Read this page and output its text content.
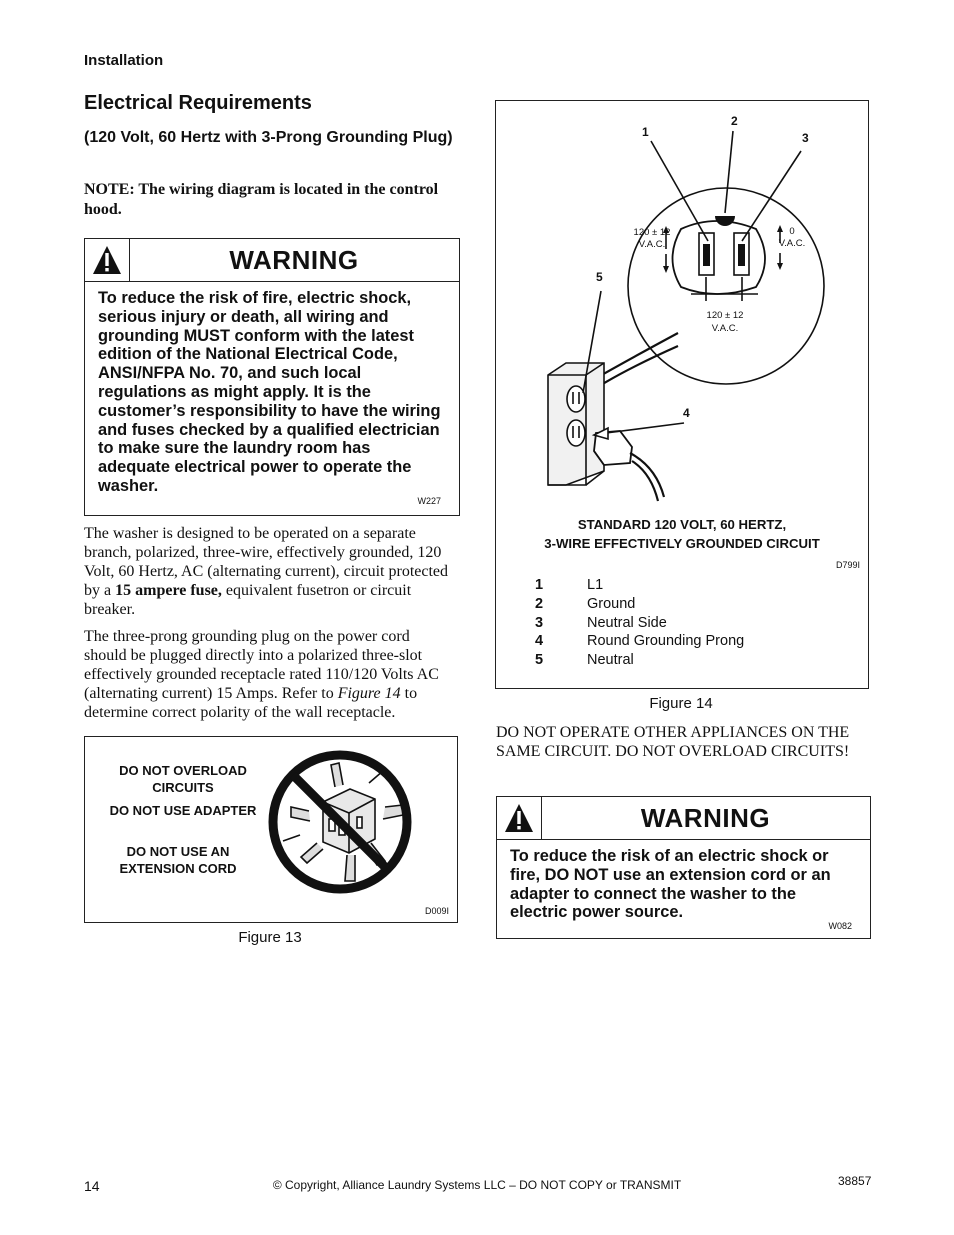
Installation
Electrical Requirements
(120 Volt, 60 Hertz with 3-Prong Grounding Plug)
NOTE: The wiring diagram is located in the control hood.
WARNING
To reduce the risk of fire, electric shock, serious injury or death, all wiring and grounding MUST conform with the latest edition of the National Electrical Code, ANSI/NFPA No. 70, and such local regulations as might apply. It is the customer’s responsibility to have the wiring and fuses checked by a qualified electrician to make sure the laundry room has adequate electrical power to operate the washer.
W227
The washer is designed to be operated on a separate branch, polarized, three-wire, effectively grounded, 120 Volt, 60 Hertz, AC (alternating current), circuit protected by a 15 ampere fuse, equivalent fusetron or circuit breaker.
The three-prong grounding plug on the power cord should be plugged directly into a polarized three-slot effectively grounded receptacle rated 110/120 Volts AC (alternating current) 15 Amps. Refer to Figure 14 to determine correct polarity of the wall receptacle.
DO NOT OVERLOAD CIRCUITS
DO NOT USE ADAPTER
DO NOT USE AN EXTENSION CORD
D009I
Figure 13
1
2
3
4
5
120 ± 12
V.A.C.
0
V.A.C.
120 ± 12
V.A.C.
STANDARD 120 VOLT, 60 HERTZ,
3-WIRE EFFECTIVELY GROUNDED CIRCUIT
D799I
1	L1
2	Ground
3	Neutral Side
4	Round Grounding Prong
5	Neutral
Figure 14
DO NOT OPERATE OTHER APPLIANCES ON THE SAME CIRCUIT. DO NOT OVERLOAD CIRCUITS!
WARNING
To reduce the risk of an electric shock or fire, DO NOT use an extension cord or an adapter to connect the washer to the electric power source.
W082
14	© Copyright, Alliance Laundry Systems LLC – DO NOT COPY or TRANSMIT	38857
